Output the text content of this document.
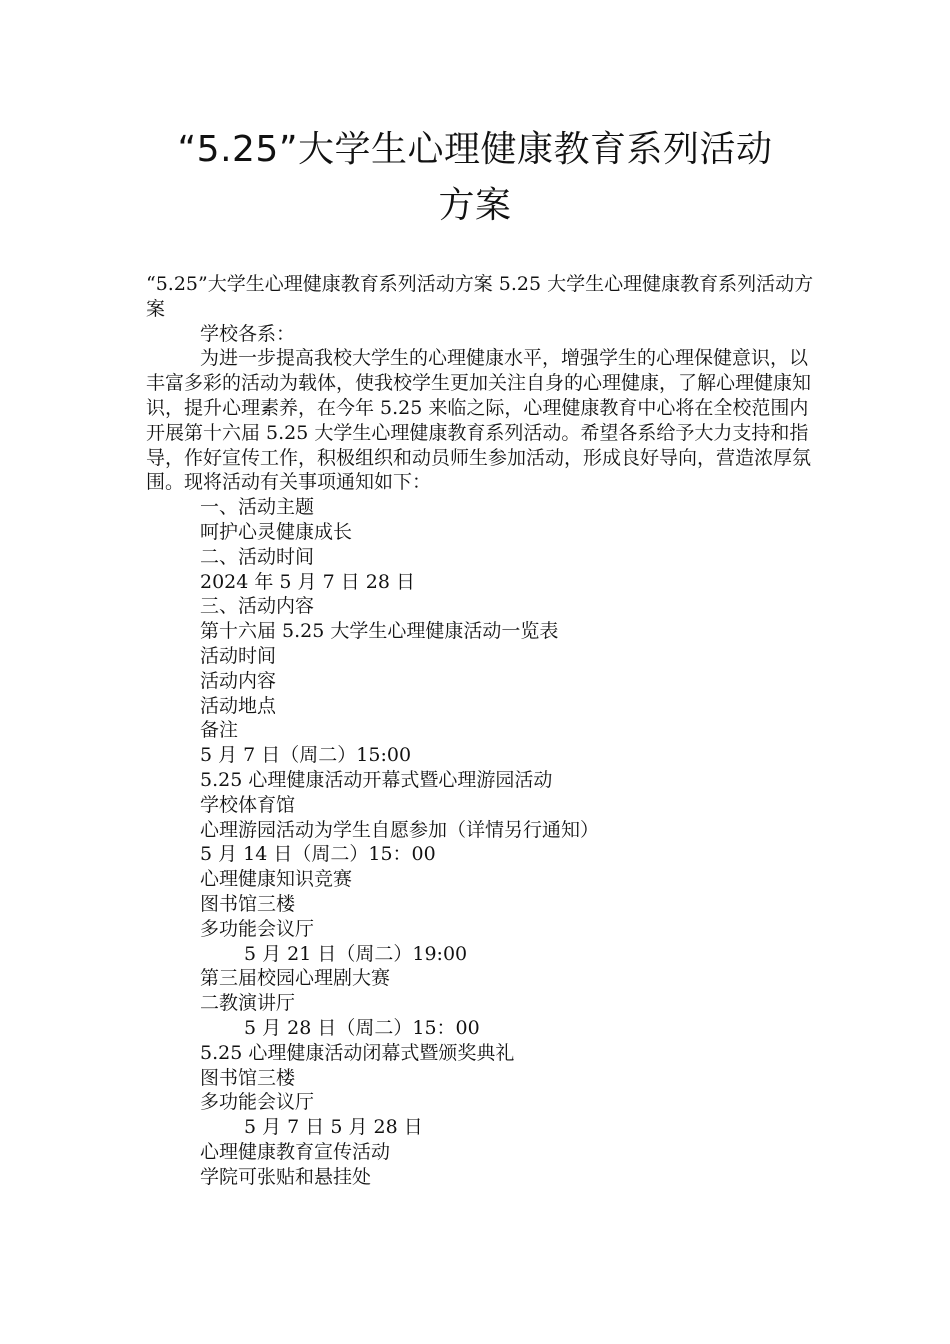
“5.25”大学生心理健康教育系列活动
方案

“5.25”大学生心理健康教育系列活动方案 5.25 大学生心理健康教育系列活动方案

学校各系：

为进一步提高我校大学生的心理健康水平，增强学生的心理保健意识，以丰富多彩的活动为载体，使我校学生更加关注自身的心理健康，了解心理健康知识，提升心理素养，在今年 5.25 来临之际，心理健康教育中心将在全校范围内开展第十六届 5.25 大学生心理健康教育系列活动。希望各系给予大力支持和指导，作好宣传工作，积极组织和动员师生参加活动，形成良好导向，营造浓厚氛围。现将活动有关事项通知如下：

一、活动主题

呵护心灵健康成长

二、活动时间

2024 年 5 月 7 日 28 日

三、活动内容

第十六届 5.25 大学生心理健康活动一览表

活动时间

活动内容

活动地点

备注

5 月 7 日（周二）15:00

5.25 心理健康活动开幕式暨心理游园活动

学校体育馆

心理游园活动为学生自愿参加（详情另行通知）

5 月 14 日（周二）15：00

心理健康知识竞赛

图书馆三楼

多功能会议厅

5 月 21 日（周二）19:00

第三届校园心理剧大赛

二教演讲厅

5 月 28 日（周二）15：00

5.25 心理健康活动闭幕式暨颁奖典礼

图书馆三楼

多功能会议厅

5 月 7 日 5 月 28 日

心理健康教育宣传活动

学院可张贴和悬挂处
